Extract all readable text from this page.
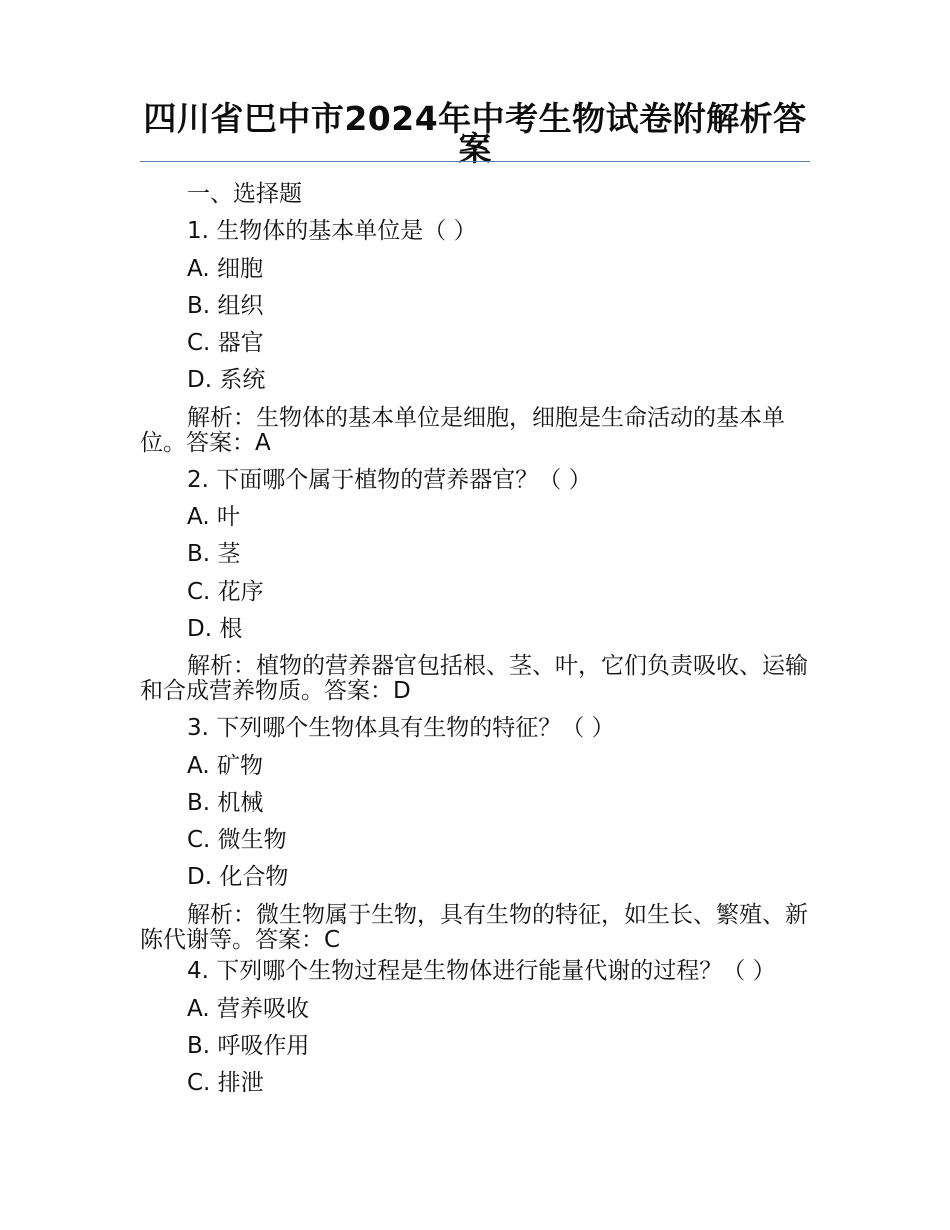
四川省巴中市2024年中考生物试卷附解析答案
一、选择题
1. 生物体的基本单位是（ ）
A. 细胞
B. 组织
C. 器官
D. 系统
解析：生物体的基本单位是细胞，细胞是生命活动的基本单位。答案：A
2. 下面哪个属于植物的营养器官？（ ）
A. 叶
B. 茎
C. 花序
D. 根
解析：植物的营养器官包括根、茎、叶，它们负责吸收、运输和合成营养物质。答案：D
3. 下列哪个生物体具有生物的特征？（ ）
A. 矿物
B. 机械
C. 微生物
D. 化合物
解析：微生物属于生物，具有生物的特征，如生长、繁殖、新陈代谢等。答案：C
4. 下列哪个生物过程是生物体进行能量代谢的过程？（ ）
A. 营养吸收
B. 呼吸作用
C. 排泄
